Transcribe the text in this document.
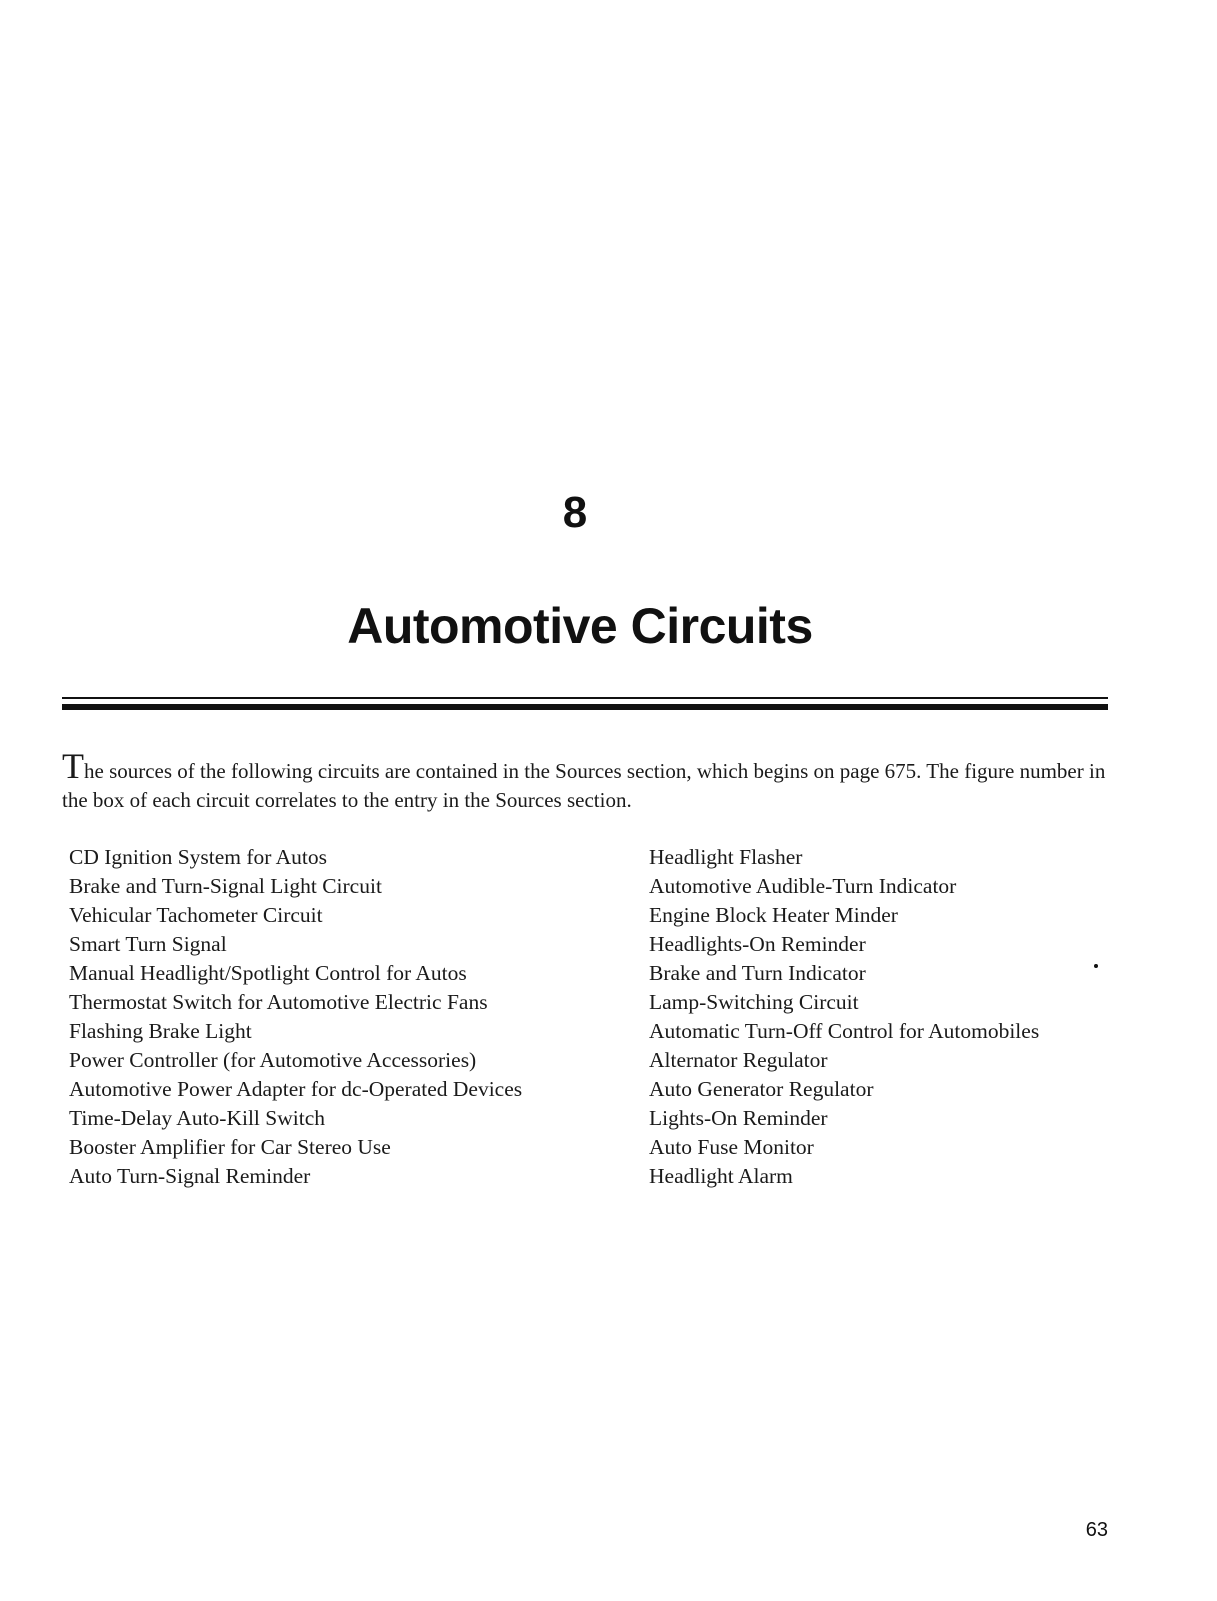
8
Automotive Circuits

The sources of the following circuits are contained in the Sources section, which begins on page 675. The figure number in the box of each circuit correlates to the entry in the Sources section.

CD Ignition System for Autos
Brake and Turn-Signal Light Circuit
Vehicular Tachometer Circuit
Smart Turn Signal
Manual Headlight/Spotlight Control for Autos
Thermostat Switch for Automotive Electric Fans
Flashing Brake Light
Power Controller (for Automotive Accessories)
Automotive Power Adapter for dc-Operated Devices
Time-Delay Auto-Kill Switch
Booster Amplifier for Car Stereo Use
Auto Turn-Signal Reminder
Headlight Flasher
Automotive Audible-Turn Indicator
Engine Block Heater Minder
Headlights-On Reminder
Brake and Turn Indicator
Lamp-Switching Circuit
Automatic Turn-Off Control for Automobiles
Alternator Regulator
Auto Generator Regulator
Lights-On Reminder
Auto Fuse Monitor
Headlight Alarm
63
